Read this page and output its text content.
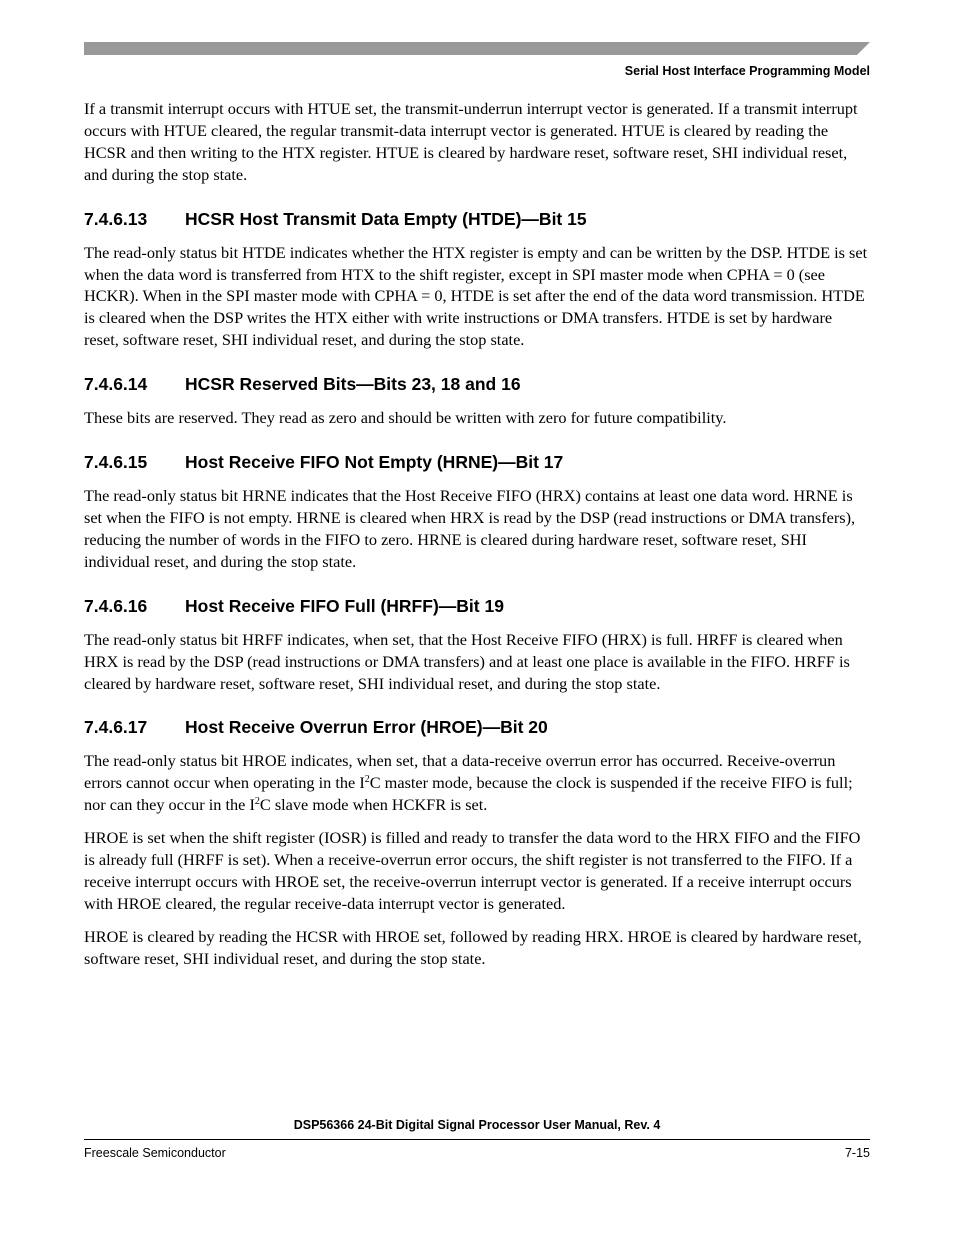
Serial Host Interface Programming Model

If a transmit interrupt occurs with HTUE set, the transmit-underrun interrupt vector is generated. If a transmit interrupt occurs with HTUE cleared, the regular transmit-data interrupt vector is generated. HTUE is cleared by reading the HCSR and then writing to the HTX register. HTUE is cleared by hardware reset, software reset, SHI individual reset, and during the stop state.

7.4.6.13 HCSR Host Transmit Data Empty (HTDE)—Bit 15

The read-only status bit HTDE indicates whether the HTX register is empty and can be written by the DSP. HTDE is set when the data word is transferred from HTX to the shift register, except in SPI master mode when CPHA = 0 (see HCKR). When in the SPI master mode with CPHA = 0, HTDE is set after the end of the data word transmission. HTDE is cleared when the DSP writes the HTX either with write instructions or DMA transfers. HTDE is set by hardware reset, software reset, SHI individual reset, and during the stop state.

7.4.6.14 HCSR Reserved Bits—Bits 23, 18 and 16

These bits are reserved. They read as zero and should be written with zero for future compatibility.

7.4.6.15 Host Receive FIFO Not Empty (HRNE)—Bit 17

The read-only status bit HRNE indicates that the Host Receive FIFO (HRX) contains at least one data word. HRNE is set when the FIFO is not empty. HRNE is cleared when HRX is read by the DSP (read instructions or DMA transfers), reducing the number of words in the FIFO to zero. HRNE is cleared during hardware reset, software reset, SHI individual reset, and during the stop state.

7.4.6.16 Host Receive FIFO Full (HRFF)—Bit 19

The read-only status bit HRFF indicates, when set, that the Host Receive FIFO (HRX) is full. HRFF is cleared when HRX is read by the DSP (read instructions or DMA transfers) and at least one place is available in the FIFO. HRFF is cleared by hardware reset, software reset, SHI individual reset, and during the stop state.

7.4.6.17 Host Receive Overrun Error (HROE)—Bit 20

The read-only status bit HROE indicates, when set, that a data-receive overrun error has occurred. Receive-overrun errors cannot occur when operating in the $I^2C$ master mode, because the clock is suspended if the receive FIFO is full; nor can they occur in the $I^2C$ slave mode when HCKFR is set.

HROE is set when the shift register (IOSR) is filled and ready to transfer the data word to the HRX FIFO and the FIFO is already full (HRFF is set). When a receive-overrun error occurs, the shift register is not transferred to the FIFO. If a receive interrupt occurs with HROE set, the receive-overrun interrupt vector is generated. If a receive interrupt occurs with HROE cleared, the regular receive-data interrupt vector is generated.

HROE is cleared by reading the HCSR with HROE set, followed by reading HRX. HROE is cleared by hardware reset, software reset, SHI individual reset, and during the stop state.

DSP56366 24-Bit Digital Signal Processor User Manual, Rev. 4
Freescale Semiconductor	7-15
